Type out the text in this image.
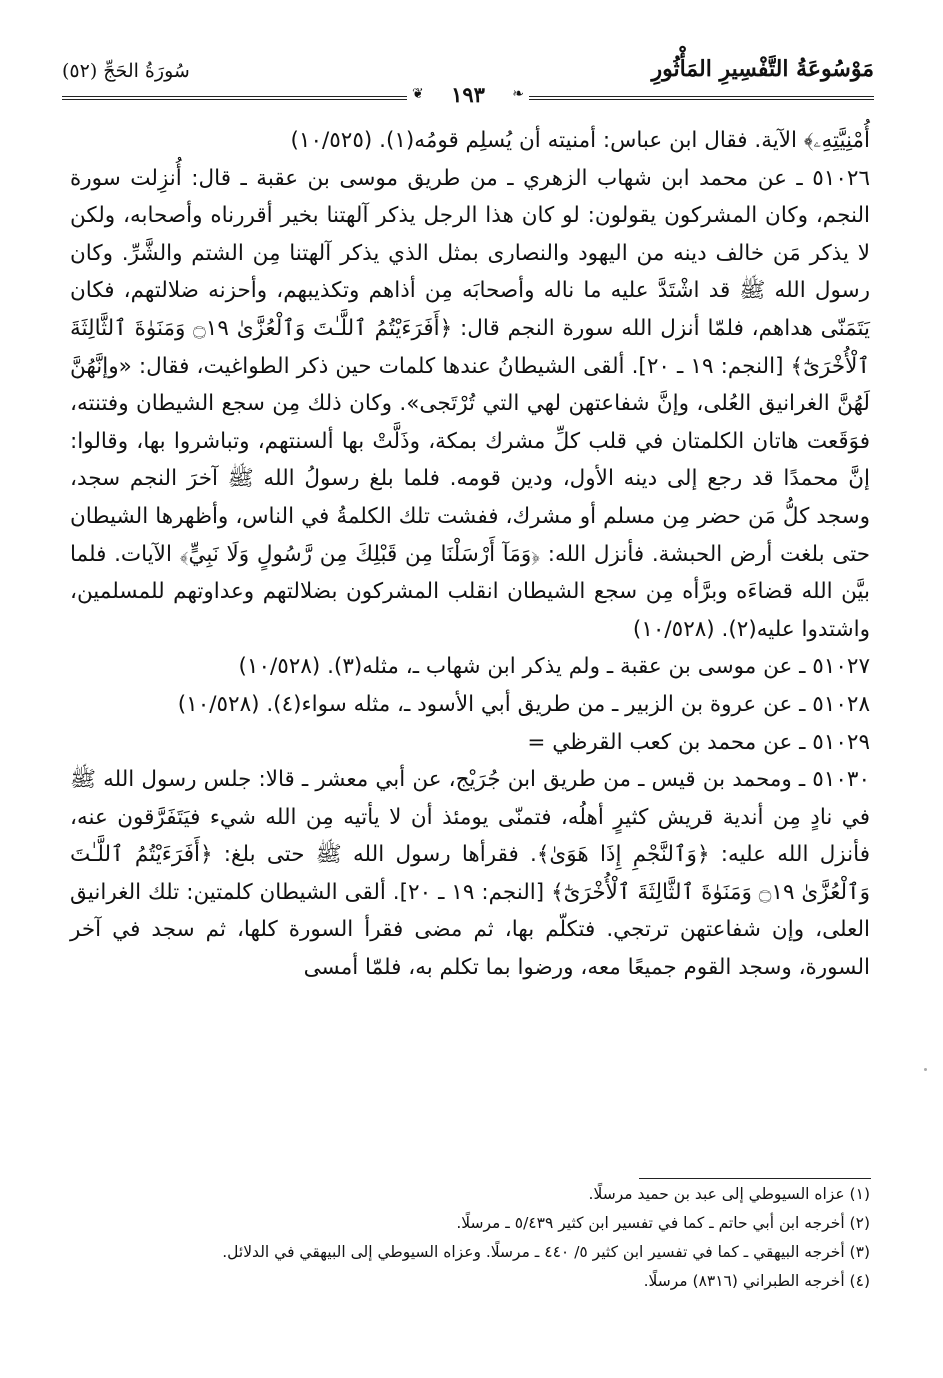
سُورَةُ الحَجِّ (٥٢)	مَوْسُوعَةُ التَّفْسِيرِ المَأْثُورِ
❦	❧
١٩٣

أُمْنِيَّتِهِۦ﴾ الآية. فقال ابن عباس: أمنيته أن يُسلِم قومُه(١). (١٠/٥٢٥)

٥١٠٢٦ ـ عن محمد ابن شهاب الزهري ـ من طريق موسى بن عقبة ـ قال: أُنزِلت سورة النجم، وكان المشركون يقولون: لو كان هذا الرجل يذكر آلهتنا بخير أقررناه وأصحابه، ولكن لا يذكر مَن خالف دينه من اليهود والنصارى بمثل الذي يذكر آلهتنا مِن الشتم والشَّرِّ. وكان رسول الله ﷺ قد اشْتَدَّ عليه ما ناله وأصحابَه مِن أذاهم وتكذيبهم، وأحزنه ضلالتهم، فكان يَتَمَنّى هداهم، فلمّا أنزل الله سورة النجم قال: ﴿أَفَرَءَيْتُمُ ٱللَّـٰتَ وَٱلْعُزَّىٰ ۝١٩ وَمَنَوٰةَ ٱلثَّالِثَةَ ٱلْأُخْرَىٰٓ﴾ [النجم: ١٩ ـ ٢٠]. ألقى الشيطانُ عندها كلمات حين ذكر الطواغيت، فقال: «وإنَّهُنَّ لَهُنَّ الغرانيق العُلى، وإنَّ شفاعتهن لهي التي تُرْتَجى». وكان ذلك مِن سجع الشيطان وفتنته، فوَقَعت هاتان الكلمتان في قلب كلِّ مشرك بمكة، وذَلَّتْ بها ألسنتهم، وتباشروا بها، وقالوا: إنَّ محمدًا قد رجع إلى دينه الأول، ودين قومه. فلما بلغ رسولُ الله ﷺ آخرَ النجم سجد، وسجد كلُّ مَن حضر مِن مسلم أو مشرك، ففشت تلك الكلمةُ في الناس، وأظهرها الشيطان حتى بلغت أرض الحبشة. فأنزل الله: ﴿وَمَآ أَرْسَلْنَا مِن قَبْلِكَ مِن رَّسُولٍ وَلَا نَبِيٍّ﴾ الآيات. فلما بيَّن الله قضاءَه وبرَّأه مِن سجع الشيطان انقلب المشركون بضلالتهم وعداوتهم للمسلمين، واشتدوا عليه(٢). (١٠/٥٢٨)

٥١٠٢٧ ـ عن موسى بن عقبة ـ ولم يذكر ابن شهاب ـ، مثله(٣). (١٠/٥٢٨)

٥١٠٢٨ ـ عن عروة بن الزبير ـ من طريق أبي الأسود ـ، مثله سواء(٤). (١٠/٥٢٨)

٥١٠٢٩ ـ عن محمد بن كعب القرظي =

٥١٠٣٠ ـ ومحمد بن قيس ـ من طريق ابن جُرَيْج، عن أبي معشر ـ قالا: جلس رسول الله ﷺ في نادٍ مِن أندية قريش كثيرٍ أهلُه، فتمنّى يومئذ أن لا يأتيه مِن الله شيء فيَتَفَرَّقون عنه، فأنزل الله عليه: ﴿وَٱلنَّجْمِ إِذَا هَوَىٰ﴾. فقرأها رسول الله ﷺ حتى بلغ: ﴿أَفَرَءَيْتُمُ ٱللَّـٰتَ وَٱلْعُزَّىٰ ۝١٩ وَمَنَوٰةَ ٱلثَّالِثَةَ ٱلْأُخْرَىٰٓ﴾ [النجم: ١٩ ـ ٢٠]. ألقى الشيطان كلمتين: تلك الغرانيق العلى، وإن شفاعتهن ترتجي. فتكلّم بها، ثم مضى فقرأ السورة كلها، ثم سجد في آخر السورة، وسجد القوم جميعًا معه، ورضوا بما تكلم به، فلمّا أمسى

(١) عزاه السيوطي إلى عبد بن حميد مرسلًا.

(٢) أخرجه ابن أبي حاتم ـ كما في تفسير ابن كثير ٥/٤٣٩ ـ مرسلًا.

(٣) أخرجه البيهقي ـ كما في تفسير ابن كثير ٥/ ٤٤٠ ـ مرسلًا. وعزاه السيوطي إلى البيهقي في الدلائل.

(٤) أخرجه الطبراني (٨٣١٦) مرسلًا.
